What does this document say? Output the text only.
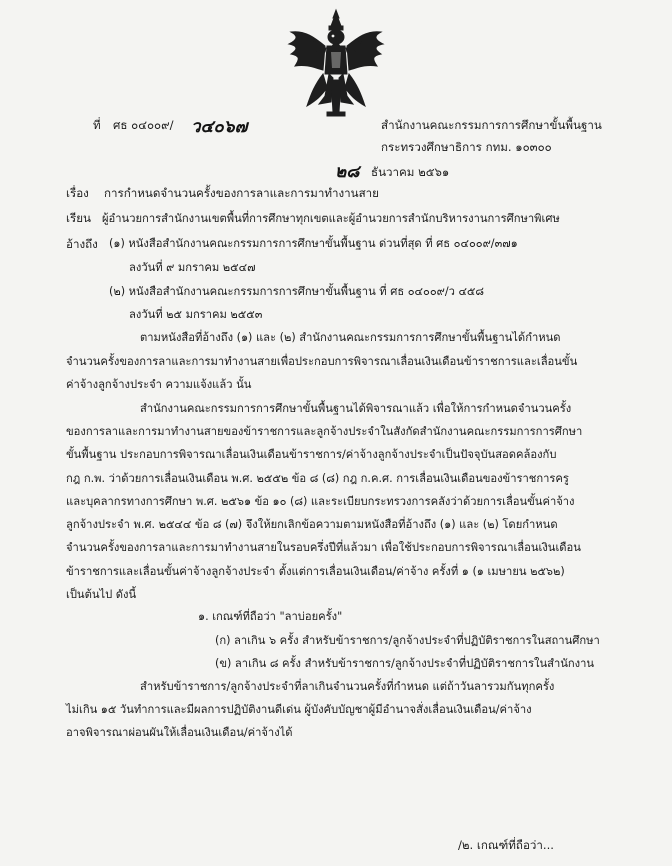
ที่ ศธ ๐๔๐๐๙/ ว๔๐๖๗	สำนักงานคณะกรรมการการศึกษาขั้นพื้นฐาน
กระทรวงศึกษาธิการ กทม. ๑๐๓๐๐
๒๘ ธันวาคม ๒๕๖๑
เรื่อง การกำหนดจำนวนครั้งของการลาและการมาทำงานสาย
เรียน ผู้อำนวยการสำนักงานเขตพื้นที่การศึกษาทุกเขตและผู้อำนวยการสำนักบริหารงานการศึกษาพิเศษ
อ้างถึง (๑) หนังสือสำนักงานคณะกรรมการการศึกษาขั้นพื้นฐาน ด่วนที่สุด ที่ ศธ ๐๔๐๐๙/๓๗๑
ลงวันที่ ๙ มกราคม ๒๕๔๗
(๒) หนังสือสำนักงานคณะกรรมการการศึกษาขั้นพื้นฐาน ที่ ศธ ๐๔๐๐๙/ว ๔๕๘
ลงวันที่ ๒๕ มกราคม ๒๕๕๓
ตามหนังสือที่อ้างถึง (๑) และ (๒) สำนักงานคณะกรรมการการศึกษาขั้นพื้นฐานได้กำหนด
จำนวนครั้งของการลาและการมาทำงานสายเพื่อประกอบการพิจารณาเลื่อนเงินเดือนข้าราชการและเลื่อนขั้น
ค่าจ้างลูกจ้างประจำ ความแจ้งแล้ว นั้น
สำนักงานคณะกรรมการการศึกษาขั้นพื้นฐานได้พิจารณาแล้ว เพื่อให้การกำหนดจำนวนครั้ง
ของการลาและการมาทำงานสายของข้าราชการและลูกจ้างประจำในสังกัดสำนักงานคณะกรรมการการศึกษา
ขั้นพื้นฐาน ประกอบการพิจารณาเลื่อนเงินเดือนข้าราชการ/ค่าจ้างลูกจ้างประจำเป็นปัจจุบันสอดคล้องกับ
กฎ ก.พ. ว่าด้วยการเลื่อนเงินเดือน พ.ศ. ๒๕๕๒ ข้อ ๘ (๘) กฎ ก.ค.ศ. การเลื่อนเงินเดือนของข้าราชการครู
และบุคลากรทางการศึกษา พ.ศ. ๒๕๖๑ ข้อ ๑๐ (๘) และระเบียบกระทรวงการคลังว่าด้วยการเลื่อนขั้นค่าจ้าง
ลูกจ้างประจำ พ.ศ. ๒๕๔๔ ข้อ ๘ (๗) จึงให้ยกเลิกข้อความตามหนังสือที่อ้างถึง (๑) และ (๒) โดยกำหนด
จำนวนครั้งของการลาและการมาทำงานสายในรอบครึ่งปีที่แล้วมา เพื่อใช้ประกอบการพิจารณาเลื่อนเงินเดือน
ข้าราชการและเลื่อนขั้นค่าจ้างลูกจ้างประจำ ตั้งแต่การเลื่อนเงินเดือน/ค่าจ้าง ครั้งที่ ๑ (๑ เมษายน ๒๕๖๒)
เป็นต้นไป ดังนี้
๑. เกณฑ์ที่ถือว่า "ลาบ่อยครั้ง"
(ก) ลาเกิน ๖ ครั้ง สำหรับข้าราชการ/ลูกจ้างประจำที่ปฏิบัติราชการในสถานศึกษา
(ข) ลาเกิน ๘ ครั้ง สำหรับข้าราชการ/ลูกจ้างประจำที่ปฏิบัติราชการในสำนักงาน
สำหรับข้าราชการ/ลูกจ้างประจำที่ลาเกินจำนวนครั้งที่กำหนด แต่ถ้าวันลารวมกันทุกครั้ง
ไม่เกิน ๑๕ วันทำการและมีผลการปฏิบัติงานดีเด่น ผู้บังคับบัญชาผู้มีอำนาจสั่งเลื่อนเงินเดือน/ค่าจ้าง
อาจพิจารณาผ่อนผันให้เลื่อนเงินเดือน/ค่าจ้างได้
/๒. เกณฑ์ที่ถือว่า...
